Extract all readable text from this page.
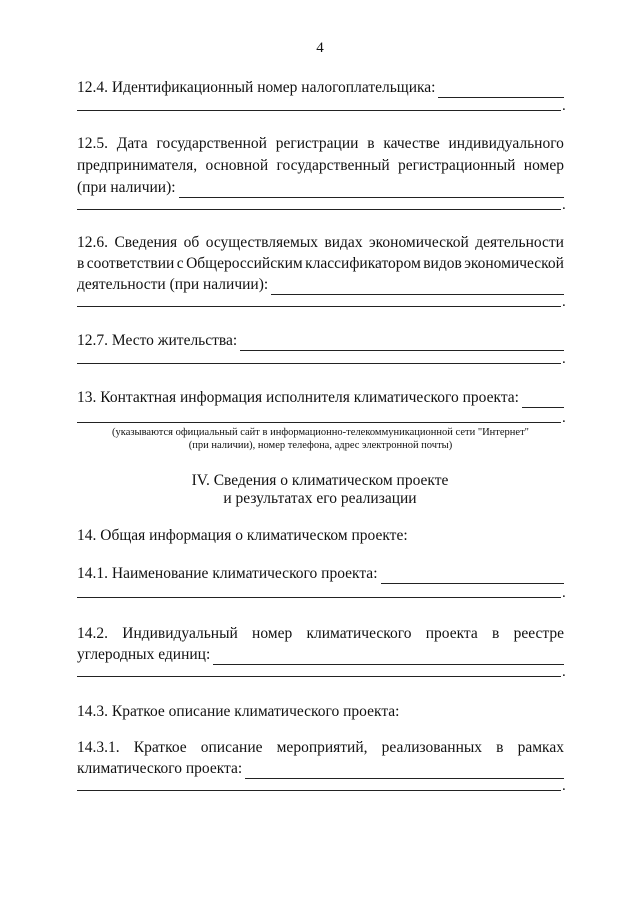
4
12.4. Идентификационный номер налогоплательщика:
.
12.5. Дата государственной регистрации в качестве индивидуального
предпринимателя, основной государственный регистрационный номер
(при наличии):
.
12.6. Сведения об осуществляемых видах экономической деятельности
в соответствии с Общероссийским классификатором видов экономической
деятельности (при наличии):
.
12.7. Место жительства:
.
13. Контактная информация исполнителя климатического проекта:
.
(указываются официальный сайт в информационно-телекоммуникационной сети "Интернет"
(при наличии), номер телефона, адрес электронной почты)
IV. Сведения о климатическом проекте
и результатах его реализации
14. Общая информация о климатическом проекте:
14.1. Наименование климатического проекта:
.
14.2. Индивидуальный номер климатического проекта в реестре
углеродных единиц:
.
14.3. Краткое описание климатического проекта:
14.3.1. Краткое описание мероприятий, реализованных в рамках
климатического проекта:
.
